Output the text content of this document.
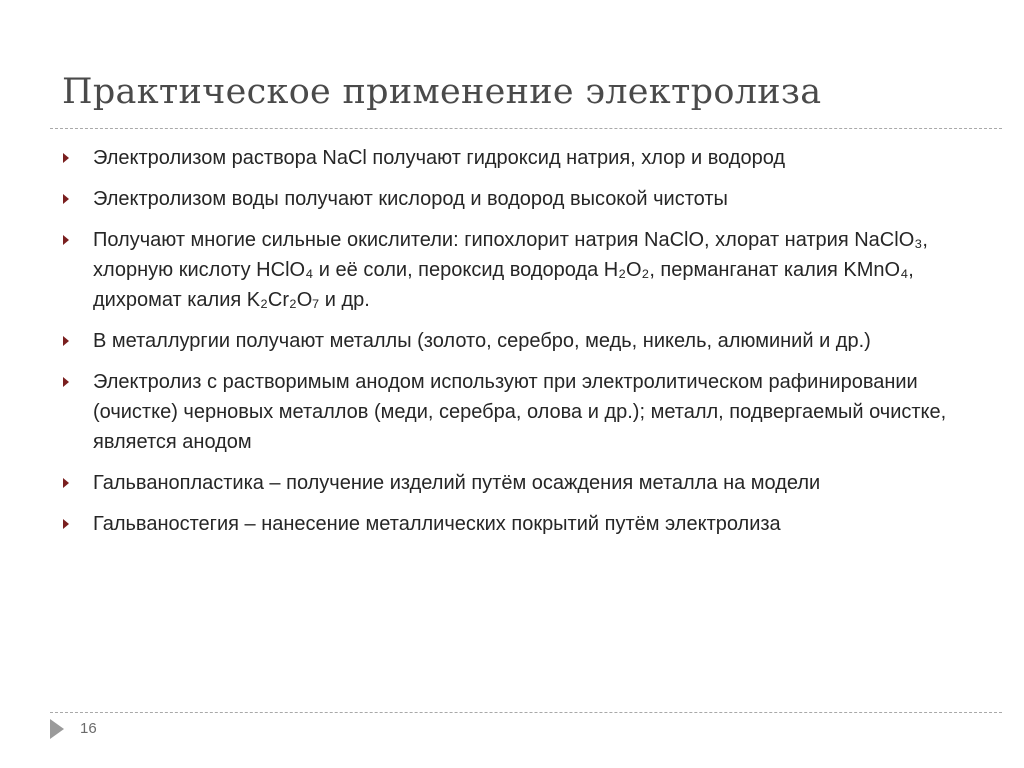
Практическое применение электролиза
Электролизом раствора NaCl получают гидроксид натрия, хлор и водород
Электролизом воды получают кислород и водород высокой чистоты
Получают многие сильные окислители: гипохлорит натрия NaClO, хлорат натрия NaClO₃, хлорную кислоту HClO₄ и её соли, пероксид водорода H₂O₂, перманганат калия KMnO₄, дихромат калия K₂Cr₂O₇ и др.
В металлургии получают металлы (золото, серебро, медь, никель, алюминий и др.)
Электролиз с растворимым анодом используют при электролитическом рафинировании (очистке) черновых металлов (меди, серебра, олова и др.); металл, подвергаемый очистке, является анодом
Гальванопластика – получение изделий путём осаждения металла на модели
Гальваностегия – нанесение металлических покрытий путём электролиза
16
